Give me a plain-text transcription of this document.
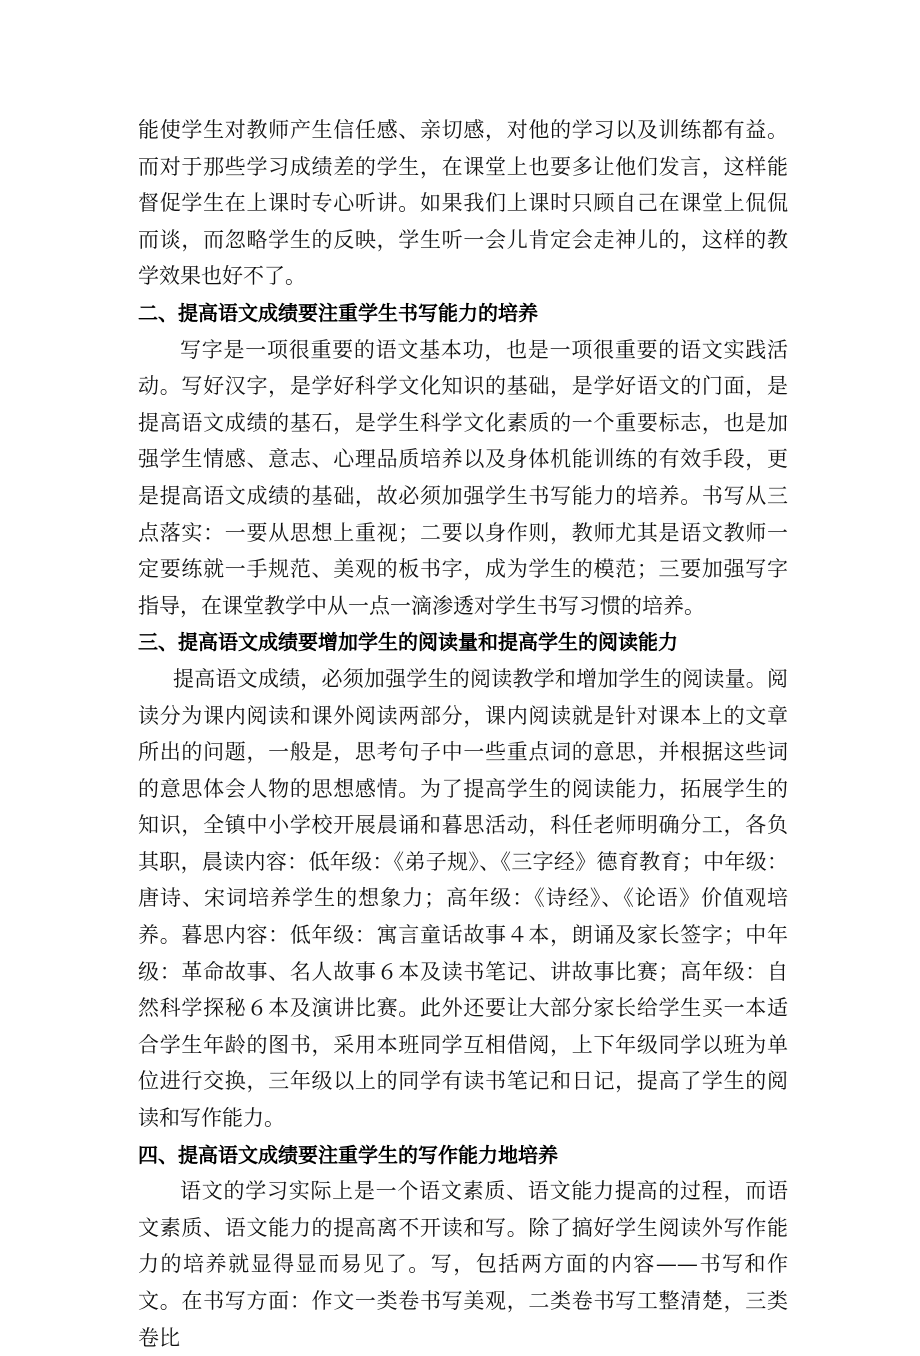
能使学生对教师产生信任感、亲切感，对他的学习以及训练都有益。而对于那些学习成绩差的学生，在课堂上也要多让他们发言，这样能督促学生在上课时专心听讲。如果我们上课时只顾自己在课堂上侃侃而谈，而忽略学生的反映，学生听一会儿肯定会走神儿的，这样的教学效果也好不了。

二、提高语文成绩要注重学生书写能力的培养

写字是一项很重要的语文基本功，也是一项很重要的语文实践活动。写好汉字，是学好科学文化知识的基础，是学好语文的门面，是提高语文成绩的基石，是学生科学文化素质的一个重要标志，也是加强学生情感、意志、心理品质培养以及身体机能训练的有效手段，更是提高语文成绩的基础，故必须加强学生书写能力的培养。书写从三点落实：一要从思想上重视；二要以身作则，教师尤其是语文教师一定要练就一手规范、美观的板书字，成为学生的模范；三要加强写字指导，在课堂教学中从一点一滴渗透对学生书写习惯的培养。

三、提高语文成绩要增加学生的阅读量和提高学生的阅读能力

提高语文成绩，必须加强学生的阅读教学和增加学生的阅读量。阅读分为课内阅读和课外阅读两部分，课内阅读就是针对课本上的文章所出的问题，一般是，思考句子中一些重点词的意思，并根据这些词的意思体会人物的思想感情。为了提高学生的阅读能力，拓展学生的知识，全镇中小学校开展晨诵和暮思活动，科任老师明确分工，各负其职，晨读内容：低年级：《弟子规》、《三字经》德育教育；中年级：唐诗、宋词培养学生的想象力；高年级：《诗经》、《论语》价值观培养。暮思内容：低年级：寓言童话故事４本，朗诵及家长签字；中年级：革命故事、名人故事６本及读书笔记、讲故事比赛；高年级：自然科学探秘６本及演讲比赛。此外还要让大部分家长给学生买一本适合学生年龄的图书，采用本班同学互相借阅，上下年级同学以班为单位进行交换，三年级以上的同学有读书笔记和日记，提高了学生的阅读和写作能力。

四、提高语文成绩要注重学生的写作能力地培养

语文的学习实际上是一个语文素质、语文能力提高的过程，而语文素质、语文能力的提高离不开读和写。除了搞好学生阅读外写作能力的培养就显得显而易见了。写，包括两方面的内容——书写和作文。在书写方面：作文一类卷书写美观，二类卷书写工整清楚，三类卷比
